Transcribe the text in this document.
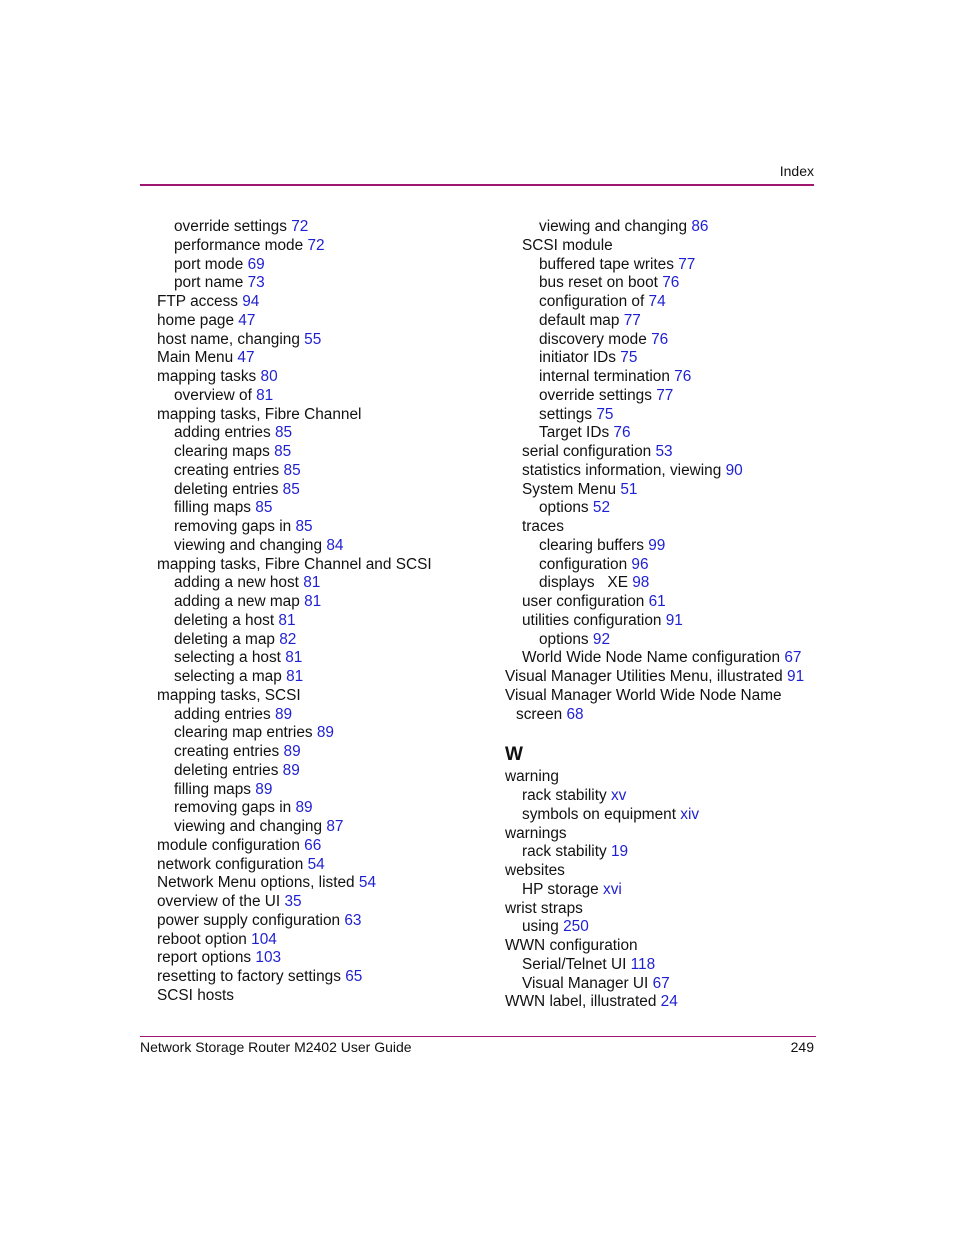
Index
override settings 72
performance mode 72
port mode 69
port name 73
FTP access 94
home page 47
host name, changing 55
Main Menu 47
mapping tasks 80
overview of 81
mapping tasks, Fibre Channel
adding entries 85
clearing maps 85
creating entries 85
deleting entries 85
filling maps 85
removing gaps in 85
viewing and changing 84
mapping tasks, Fibre Channel and SCSI
adding a new host 81
adding a new map 81
deleting a host 81
deleting a map 82
selecting a host 81
selecting a map 81
mapping tasks, SCSI
adding entries 89
clearing map entries 89
creating entries 89
deleting entries 89
filling maps 89
removing gaps in 89
viewing and changing 87
module configuration 66
network configuration 54
Network Menu options, listed 54
overview of the UI 35
power supply configuration 63
reboot option 104
report options 103
resetting to factory settings 65
SCSI hosts
viewing and changing 86
SCSI module
buffered tape writes 77
bus reset on boot 76
configuration of 74
default map 77
discovery mode 76
initiator IDs 75
internal termination 76
override settings 77
settings 75
Target IDs 76
serial configuration 53
statistics information, viewing 90
System Menu 51
options 52
traces
clearing buffers 99
configuration 96
displays   XE 98
user configuration 61
utilities configuration 91
options 92
World Wide Node Name configuration 67
Visual Manager Utilities Menu, illustrated 91
Visual Manager World Wide Node Name
screen 68
W
warning
rack stability xv
symbols on equipment xiv
warnings
rack stability 19
websites
HP storage xvi
wrist straps
using 250
WWN configuration
Serial/Telnet UI 118
Visual Manager UI 67
WWN label, illustrated 24
Network Storage Router M2402 User Guide	249
